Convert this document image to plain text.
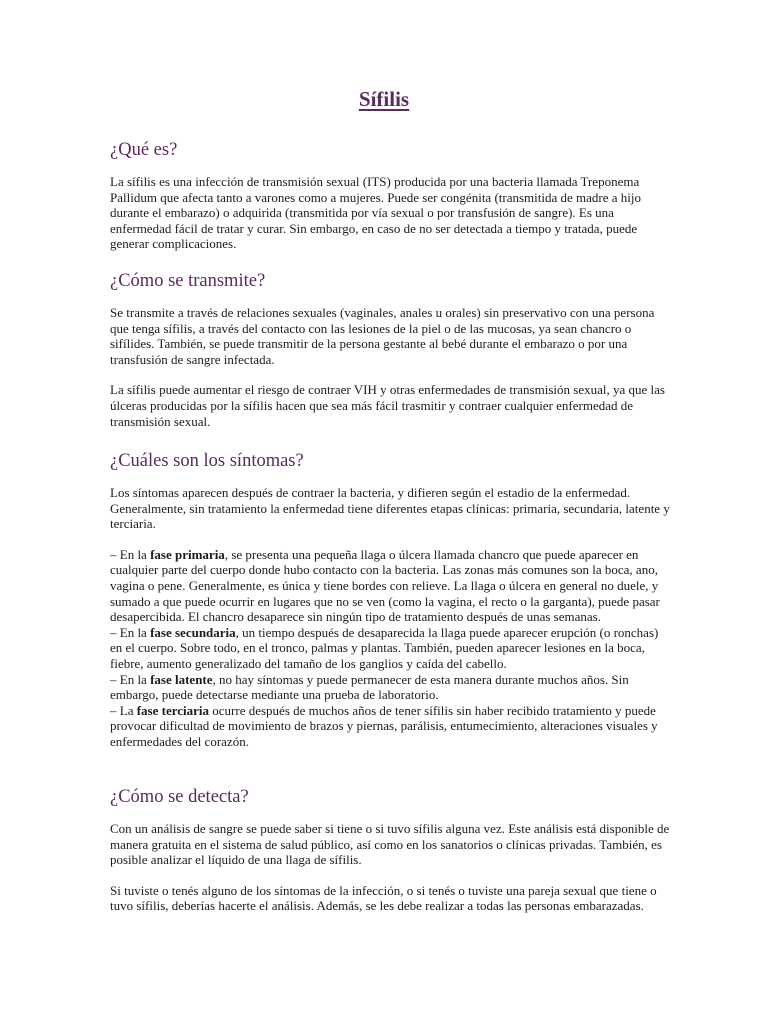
Sífilis
¿Qué es?

La sífilis es una infección de transmisión sexual (ITS) producida por una bacteria llamada Treponema Pallidum que afecta tanto a varones como a mujeres. Puede ser congénita (transmitida de madre a hijo durante el embarazo) o adquirida (transmitida por vía sexual o por transfusión de sangre). Es una enfermedad fácil de tratar y curar. Sin embargo, en caso de no ser detectada a tiempo y tratada, puede generar complicaciones.

¿Cómo se transmite?

Se transmite a través de relaciones sexuales (vaginales, anales u orales) sin preservativo con una persona que tenga sífilis, a través del contacto con las lesiones de la piel o de las mucosas, ya sean chancro o sifílides. También, se puede transmitir de la persona gestante al bebé durante el embarazo o por una transfusión de sangre infectada.

La sífilis puede aumentar el riesgo de contraer VIH y otras enfermedades de transmisión sexual, ya que las úlceras producidas por la sífilis hacen que sea más fácil trasmitir y contraer cualquier enfermedad de transmisión sexual.

¿Cuáles son los síntomas?

Los síntomas aparecen después de contraer la bacteria, y difieren según el estadio de la enfermedad. Generalmente, sin tratamiento la enfermedad tiene diferentes etapas clínicas: primaria, secundaria, latente y terciaria.

– En la fase primaria, se presenta una pequeña llaga o úlcera llamada chancro que puede aparecer en cualquier parte del cuerpo donde hubo contacto con la bacteria. Las zonas más comunes son la boca, ano, vagina o pene. Generalmente, es única y tiene bordes con relieve. La llaga o úlcera en general no duele, y sumado a que puede ocurrir en lugares que no se ven (como la vagina, el recto o la garganta), puede pasar desapercibida. El chancro desaparece sin ningún tipo de tratamiento después de unas semanas.

– En la fase secundaria, un tiempo después de desaparecida la llaga puede aparecer erupción (o ronchas) en el cuerpo. Sobre todo, en el tronco, palmas y plantas. También, pueden aparecer lesiones en la boca, fiebre, aumento generalizado del tamaño de los ganglios y caída del cabello.

– En la fase latente, no hay síntomas y puede permanecer de esta manera durante muchos años. Sin embargo, puede detectarse mediante una prueba de laboratorio.

– La fase terciaria ocurre después de muchos años de tener sífilis sin haber recibido tratamiento y puede provocar dificultad de movimiento de brazos y piernas, parálisis, entumecimiento, alteraciones visuales y enfermedades del corazón.

¿Cómo se detecta?

Con un análisis de sangre se puede saber si tiene o si tuvo sífilis alguna vez. Este análisis está disponible de manera gratuita en el sistema de salud público, así como en los sanatorios o clínicas privadas. También, es posible analizar el líquido de una llaga de sífilis.

Si tuviste o tenés alguno de los síntomas de la infección, o si tenés o tuviste una pareja sexual que tiene o tuvo sífilis, deberías hacerte el análisis. Además, se les debe realizar a todas las personas embarazadas.
